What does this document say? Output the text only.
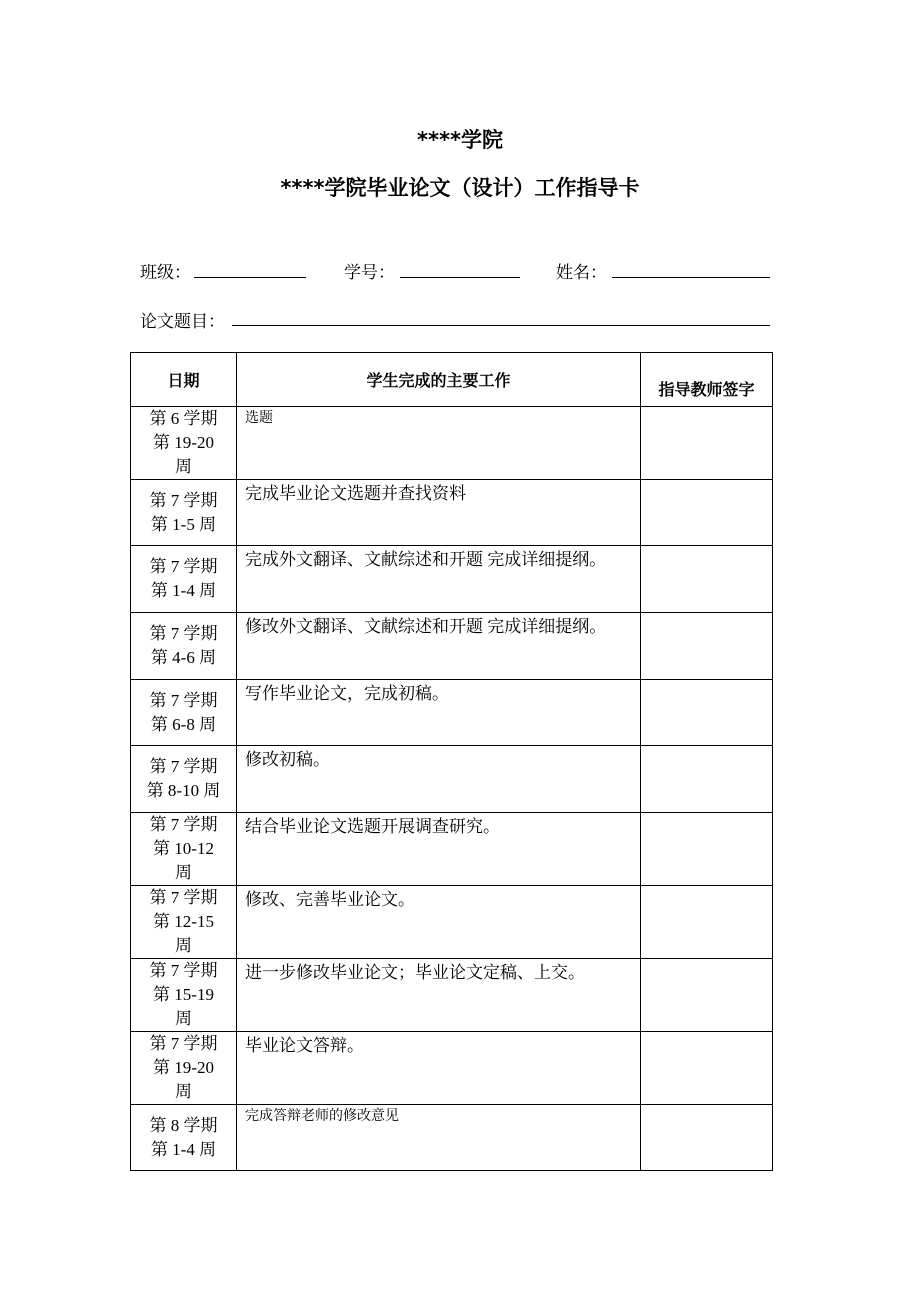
****学院
****学院毕业论文（设计）工作指导卡
班级：	学号：	姓名：
论文题目：
日期	学生完成的主要工作	指导教师签字

第 6 学期
第 19-20
周	选题	

第 7 学期
第 1-5 周	完成毕业论文选题并查找资料	

第 7 学期
第 1-4 周	完成外文翻译、文献综述和开题 完成详细提纲。	

第 7 学期
第 4-6 周	修改外文翻译、文献综述和开题 完成详细提纲。	

第 7 学期
第 6-8 周	写作毕业论文，完成初稿。	

第 7 学期
第 8-10 周	修改初稿。	

第 7 学期
第 10-12
周	结合毕业论文选题开展调查研究。	

第 7 学期
第 12-15
周	修改、完善毕业论文。	

第 7 学期
第 15-19
周	进一步修改毕业论文；毕业论文定稿、上交。	

第 7 学期
第 19-20
周	毕业论文答辩。	

第 8 学期
第 1-4 周	完成答辩老师的修改意见	
